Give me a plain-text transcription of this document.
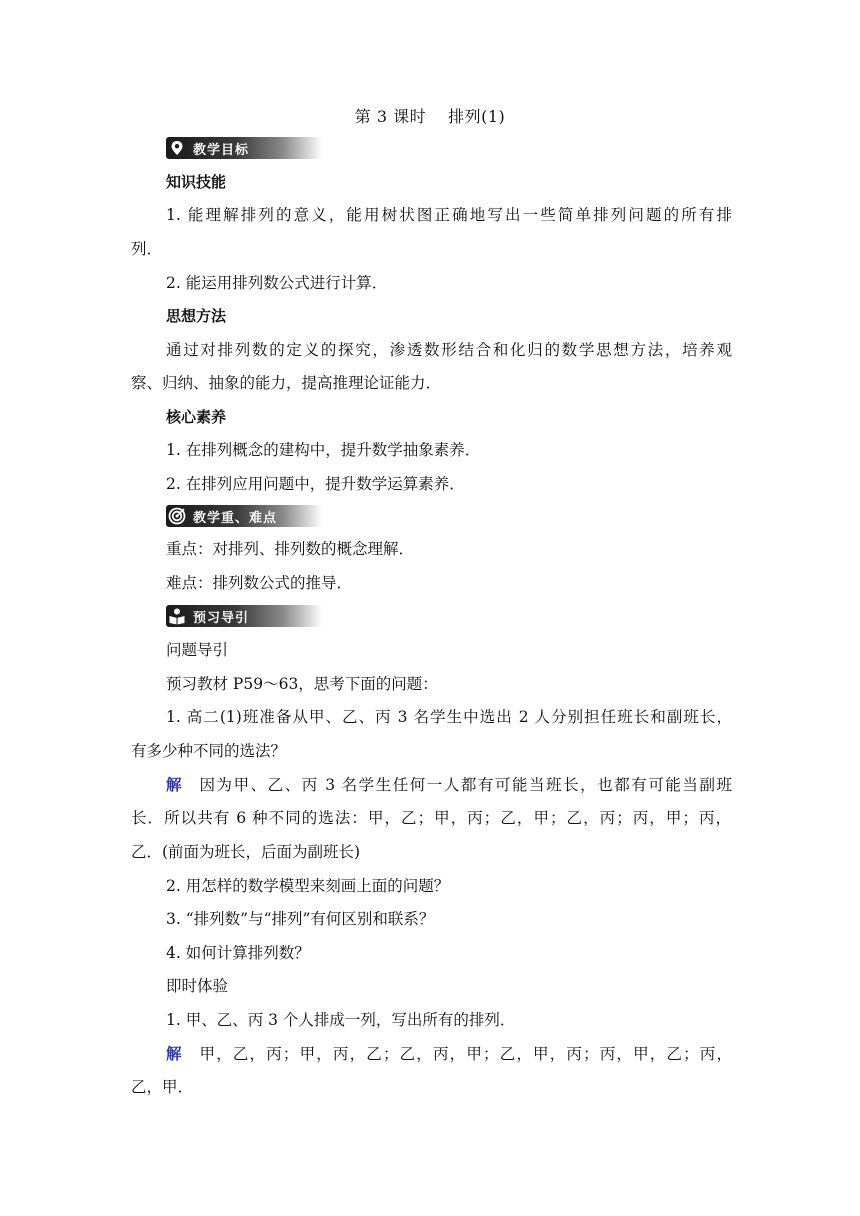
第 3 课时 排列(1)
教学目标
知识技能
1. 能理解排列的意义，能用树状图正确地写出一些简单排列问题的所有排
列．
2. 能运用排列数公式进行计算．
思想方法
通过对排列数的定义的探究，渗透数形结合和化归的数学思想方法，培养观
察、归纳、抽象的能力，提高推理论证能力．
核心素养
1. 在排列概念的建构中，提升数学抽象素养．
2. 在排列应用问题中，提升数学运算素养．
教学重、难点
重点：对排列、排列数的概念理解．
难点：排列数公式的推导．
预习导引
问题导引
预习教材 P59～63，思考下面的问题：
1. 高二(1)班准备从甲、乙、丙 3 名学生中选出 2 人分别担任班长和副班长，
有多少种不同的选法？
解 因为甲、乙、丙 3 名学生任何一人都有可能当班长，也都有可能当副班
长．所以共有 6 种不同的选法：甲，乙；甲，丙；乙，甲；乙，丙；丙，甲；丙，
乙．(前面为班长，后面为副班长)
2. 用怎样的数学模型来刻画上面的问题？
3. “排列数”与“排列”有何区别和联系？
4. 如何计算排列数？
即时体验
1. 甲、乙、丙 3 个人排成一列，写出所有的排列．
解 甲，乙，丙；甲，丙，乙；乙，丙，甲；乙，甲，丙；丙，甲，乙；丙，
乙，甲．
